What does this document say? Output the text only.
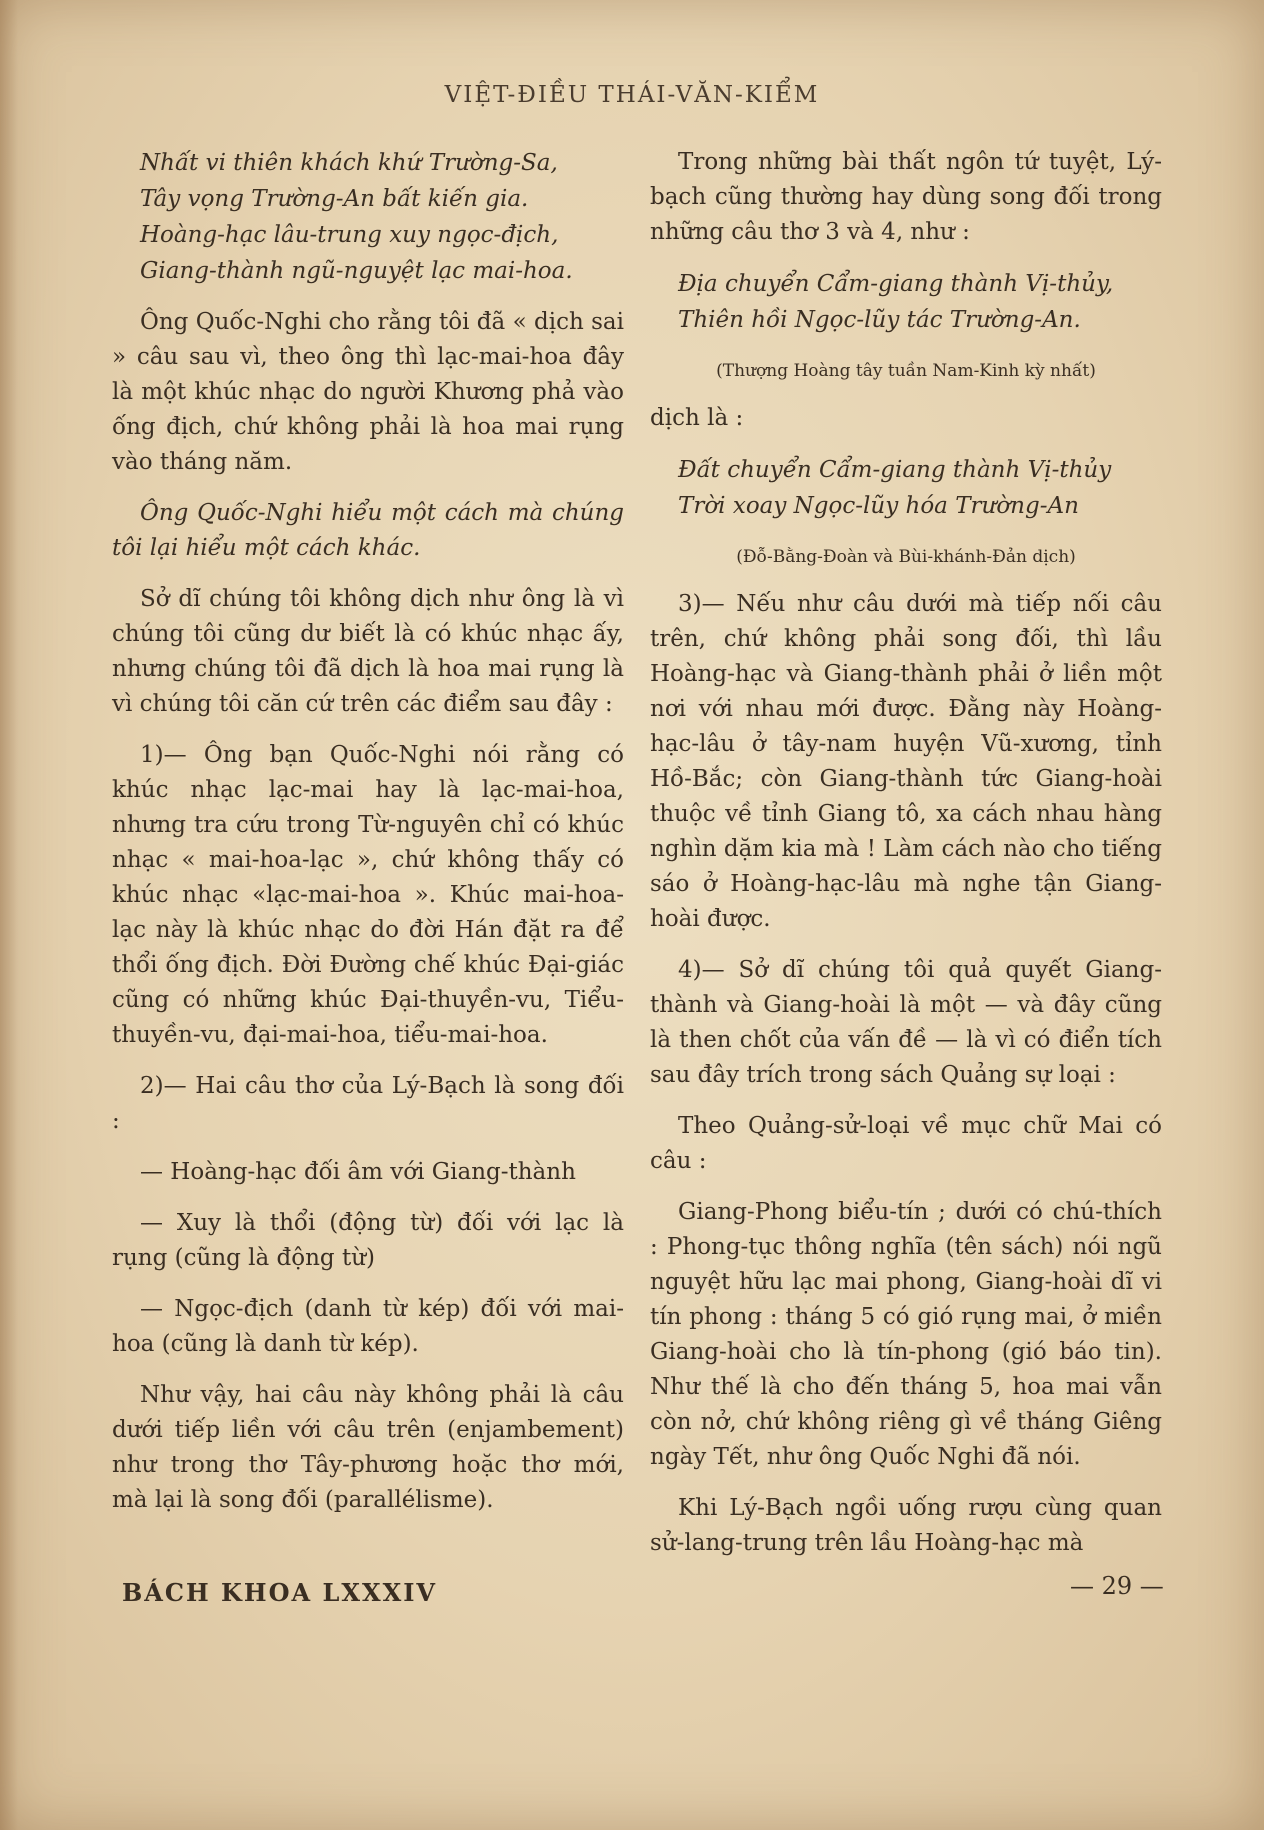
VIỆT-ĐIỀU THÁI-VĂN-KIỂM
Nhất vi thiên khách khứ Trường-Sa,
Tây vọng Trường-An bất kiến gia.
Hoàng-hạc lâu-trung xuy ngọc-địch,
Giang-thành ngũ-nguyệt lạc mai-hoa.

Ông Quốc-Nghi cho rằng tôi đã « dịch sai » câu sau vì, theo ông thì lạc-mai-hoa đây là một khúc nhạc do người Khương phả vào ống địch, chứ không phải là hoa mai rụng vào tháng năm.

Ông Quốc-Nghi hiểu một cách mà chúng tôi lại hiểu một cách khác.

Sở dĩ chúng tôi không dịch như ông là vì chúng tôi cũng dư biết là có khúc nhạc ấy, nhưng chúng tôi đã dịch là hoa mai rụng là vì chúng tôi căn cứ trên các điểm sau đây :

1)— Ông bạn Quốc-Nghi nói rằng có khúc nhạc lạc-mai hay là lạc-mai-hoa, nhưng tra cứu trong Từ-nguyên chỉ có khúc nhạc « mai-hoa-lạc », chứ không thấy có khúc nhạc «lạc-mai-hoa ». Khúc mai-hoa-lạc này là khúc nhạc do đời Hán đặt ra để thổi ống địch. Đời Đường chế khúc Đại-giác cũng có những khúc Đại-thuyền-vu, Tiểu-thuyền-vu, đại-mai-hoa, tiểu-mai-hoa.

2)— Hai câu thơ của Lý-Bạch là song đối :

— Hoàng-hạc đối âm với Giang-thành

— Xuy là thổi (động từ) đối với lạc là rụng (cũng là động từ)

— Ngọc-địch (danh từ kép) đối với mai-hoa (cũng là danh từ kép).

Như vậy, hai câu này không phải là câu dưới tiếp liền với câu trên (enjambement) như trong thơ Tây-phương hoặc thơ mới, mà lại là song đối (parallélisme).

Trong những bài thất ngôn tứ tuyệt, Lý-bạch cũng thường hay dùng song đối trong những câu thơ 3 và 4, như :

Địa chuyển Cẩm-giang thành Vị-thủy,
Thiên hồi Ngọc-lũy tác Trường-An.
(Thượng Hoàng tây tuần Nam-Kinh kỳ nhất)

dịch là :

Đất chuyển Cẩm-giang thành Vị-thủy
Trời xoay Ngọc-lũy hóa Trường-An
(Đỗ-Bằng-Đoàn và Bùi-khánh-Đản dịch)

3)— Nếu như câu dưới mà tiếp nối câu trên, chứ không phải song đối, thì lầu Hoàng-hạc và Giang-thành phải ở liền một nơi với nhau mới được. Đằng này Hoàng-hạc-lâu ở tây-nam huyện Vũ-xương, tỉnh Hồ-Bắc; còn Giang-thành tức Giang-hoài thuộc về tỉnh Giang tô, xa cách nhau hàng nghìn dặm kia mà ! Làm cách nào cho tiếng sáo ở Hoàng-hạc-lâu mà nghe tận Giang-hoài được.

4)— Sở dĩ chúng tôi quả quyết Giang-thành và Giang-hoài là một — và đây cũng là then chốt của vấn đề — là vì có điển tích sau đây trích trong sách Quảng sự loại :

Theo Quảng-sử-loại về mục chữ Mai có câu :

Giang-Phong biểu-tín ; dưới có chú-thích : Phong-tục thông nghĩa (tên sách) nói ngũ nguyệt hữu lạc mai phong, Giang-hoài dĩ vi tín phong : tháng 5 có gió rụng mai, ở miền Giang-hoài cho là tín-phong (gió báo tin). Như thế là cho đến tháng 5, hoa mai vẫn còn nở, chứ không riêng gì về tháng Giêng ngày Tết, như ông Quốc Nghi đã nói.

Khi Lý-Bạch ngồi uống rượu cùng quan sử-lang-trung trên lầu Hoàng-hạc mà

BÁCH KHOA LXXXIV	— 29 —
